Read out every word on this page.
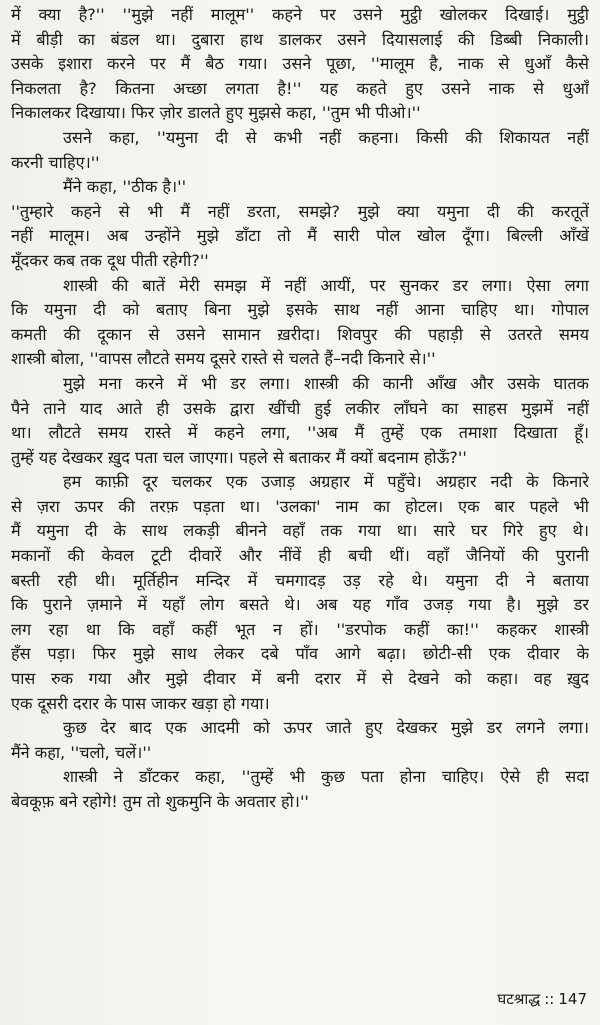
में क्या है?'' ''मुझे नहीं मालूम'' कहने पर उसने मुट्ठी खोलकर दिखाई। मुट्ठी
में बीड़ी का बंडल था। दुबारा हाथ डालकर उसने दियासलाई की डिब्बी निकाली।
उसके इशारा करने पर मैं बैठ गया। उसने पूछा, ''मालूम है, नाक से धुआँ कैसे
निकलता है? कितना अच्छा लगता है!'' यह कहते हुए उसने नाक से धुआँ
निकालकर दिखाया। फिर ज़ोर डालते हुए मुझसे कहा, ''तुम भी पीओ।''
उसने कहा, ''यमुना दी से कभी नहीं कहना। किसी की शिकायत नहीं
करनी चाहिए।''
मैंने कहा, ''ठीक है।''
''तुम्हारे कहने से भी मैं नहीं डरता, समझे? मुझे क्या यमुना दी की करतूतें
नहीं मालूम। अब उन्होंने मुझे डाँटा तो मैं सारी पोल खोल दूँगा। बिल्ली आँखें
मूँदकर कब तक दूध पीती रहेगी?''
शास्त्री की बातें मेरी समझ में नहीं आयीं, पर सुनकर डर लगा। ऐसा लगा
कि यमुना दी को बताए बिना मुझे इसके साथ नहीं आना चाहिए था। गोपाल
कमती की दूकान से उसने सामान ख़रीदा। शिवपुर की पहाड़ी से उतरते समय
शास्त्री बोला, ''वापस लौटते समय दूसरे रास्ते से चलते हैं–नदी किनारे से।''
मुझे मना करने में भी डर लगा। शास्त्री की कानी आँख और उसके घातक
पैने ताने याद आते ही उसके द्वारा खींची हुई लकीर लाँघने का साहस मुझमें नहीं
था। लौटते समय रास्ते में कहने लगा, ''अब मैं तुम्हें एक तमाशा दिखाता हूँ।
तुम्हें यह देखकर ख़ुद पता चल जाएगा। पहले से बताकर मैं क्यों बदनाम होऊँ?''
हम काफ़ी दूर चलकर एक उजाड़ अग्रहार में पहुँचे। अग्रहार नदी के किनारे
से ज़रा ऊपर की तरफ़ पड़ता था। 'उलका' नाम का होटल। एक बार पहले भी
मैं यमुना दी के साथ लकड़ी बीनने वहाँ तक गया था। सारे घर गिरे हुए थे।
मकानों की केवल टूटी दीवारें और नींवें ही बची थीं। वहाँ जैनियों की पुरानी
बस्ती रही थी। मूर्तिहीन मन्दिर में चमगादड़ उड़ रहे थे। यमुना दी ने बताया
कि पुराने ज़माने में यहाँ लोग बसते थे। अब यह गाँव उजड़ गया है। मुझे डर
लग रहा था कि वहाँ कहीं भूत न हों। ''डरपोक कहीं का!'' कहकर शास्त्री
हँस पड़ा। फिर मुझे साथ लेकर दबे पाँव आगे बढ़ा। छोटी-सी एक दीवार के
पास रुक गया और मुझे दीवार में बनी दरार में से देखने को कहा। वह ख़ुद
एक दूसरी दरार के पास जाकर खड़ा हो गया।
कुछ देर बाद एक आदमी को ऊपर जाते हुए देखकर मुझे डर लगने लगा।
मैंने कहा, ''चलो, चलें।''
शास्त्री ने डाँटकर कहा, ''तुम्हें भी कुछ पता होना चाहिए। ऐसे ही सदा
बेवकूफ़ बने रहोगे! तुम तो शुकमुनि के अवतार हो।''
घटश्राद्ध :: 147
